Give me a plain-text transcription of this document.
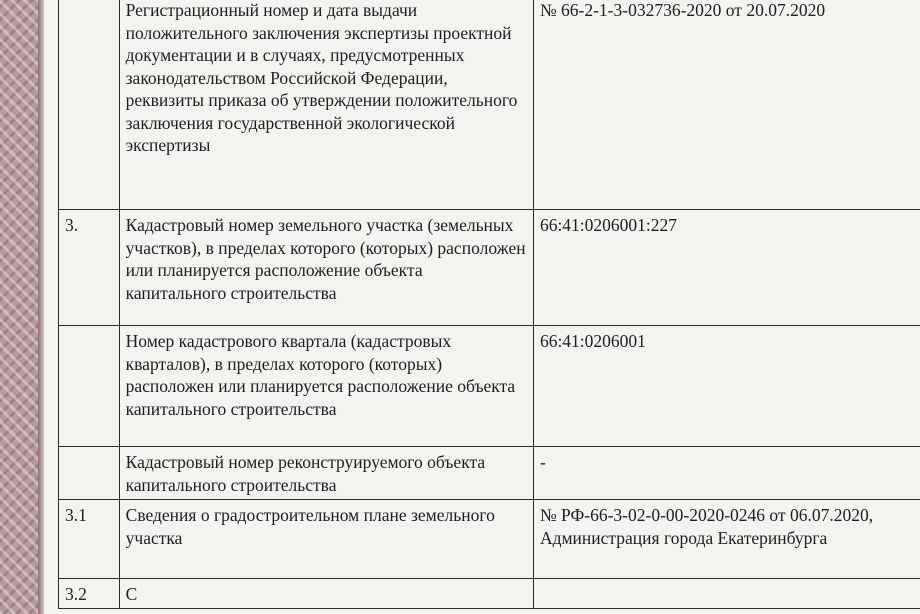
	Регистрационный номер и дата выдачи положительного заключения экспертизы проектной документации и в случаях, предусмотренных законодательством Российской Федерации, реквизиты приказа об утверждении положительного заключения государственной экологической экспертизы	№ 66-2-1-3-032736-2020 от 20.07.2020
3.	Кадастровый номер земельного участка (земельных участков), в пределах которого (которых) расположен или планируется расположение объекта капитального строительства	66:41:0206001:227
	Номер кадастрового квартала (кадастровых кварталов), в пределах которого (которых) расположен или планируется расположение объекта капитального строительства	66:41:0206001
	Кадастровый номер реконструируемого объекта капитального строительства	-
3.1	Сведения о градостроительном плане земельного участка	№ РФ-66-3-02-0-00-2020-0246 от 06.07.2020, Администрация города Екатеринбурга
3.2	С	
